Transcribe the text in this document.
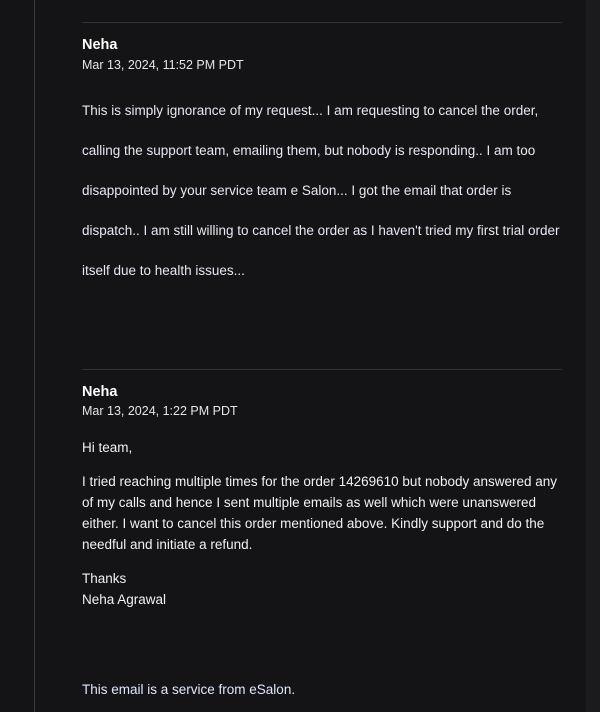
Neha
Mar 13, 2024, 11:52 PM PDT

This is simply ignorance of my request... I am requesting to cancel the order, calling the support team, emailing them, but nobody is responding.. I am too disappointed by your service team e Salon... I got the email that order is dispatch.. I am still willing to cancel the order as I haven't tried my first trial order itself due to health issues...

Neha
Mar 13, 2024, 1:22 PM PDT

Hi team,

I tried reaching multiple times for the order 14269610 but nobody answered any of my calls and hence I sent multiple emails as well which were unanswered either. I want to cancel this order mentioned above. Kindly support and do the needful and initiate a refund.

Thanks
Neha Agrawal
This email is a service from eSalon.
